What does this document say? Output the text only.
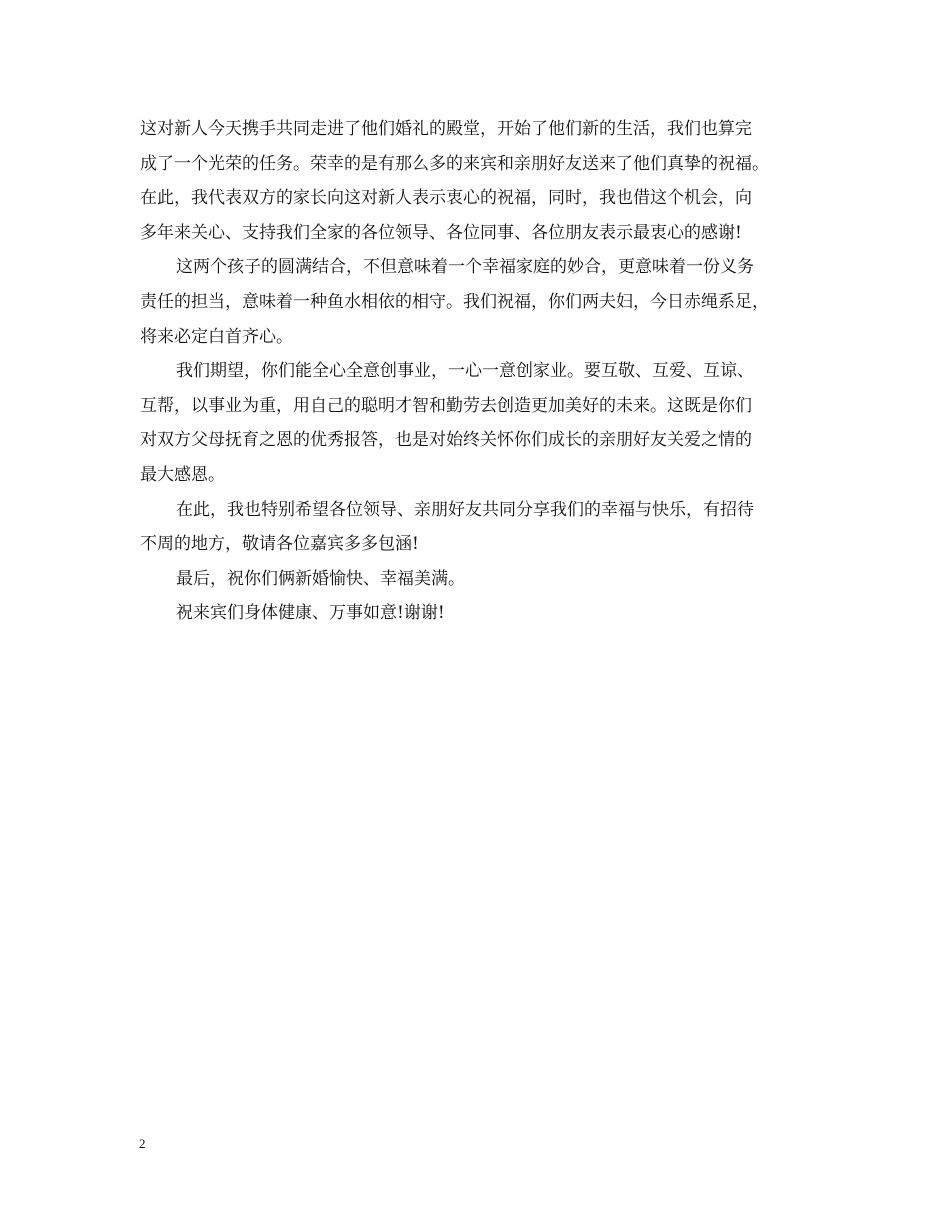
这对新人今天携手共同走进了他们婚礼的殿堂，开始了他们新的生活，我们也算完
成了一个光荣的任务。荣幸的是有那么多的来宾和亲朋好友送来了他们真挚的祝福。
在此，我代表双方的家长向这对新人表示衷心的祝福，同时，我也借这个机会，向
多年来关心、支持我们全家的各位领导、各位同事、各位朋友表示最衷心的感谢!
这两个孩子的圆满结合，不但意味着一个幸福家庭的妙合，更意味着一份义务
责任的担当，意味着一种鱼水相依的相守。我们祝福，你们两夫妇，今日赤绳系足，
将来必定白首齐心。
我们期望，你们能全心全意创事业，一心一意创家业。要互敬、互爱、互谅、
互帮，以事业为重，用自己的聪明才智和勤劳去创造更加美好的未来。这既是你们
对双方父母抚育之恩的优秀报答，也是对始终关怀你们成长的亲朋好友关爱之情的
最大感恩。
在此，我也特别希望各位领导、亲朋好友共同分享我们的幸福与快乐，有招待
不周的地方，敬请各位嘉宾多多包涵!
最后，祝你们俩新婚愉快、幸福美满。
祝来宾们身体健康、万事如意!谢谢!
2
